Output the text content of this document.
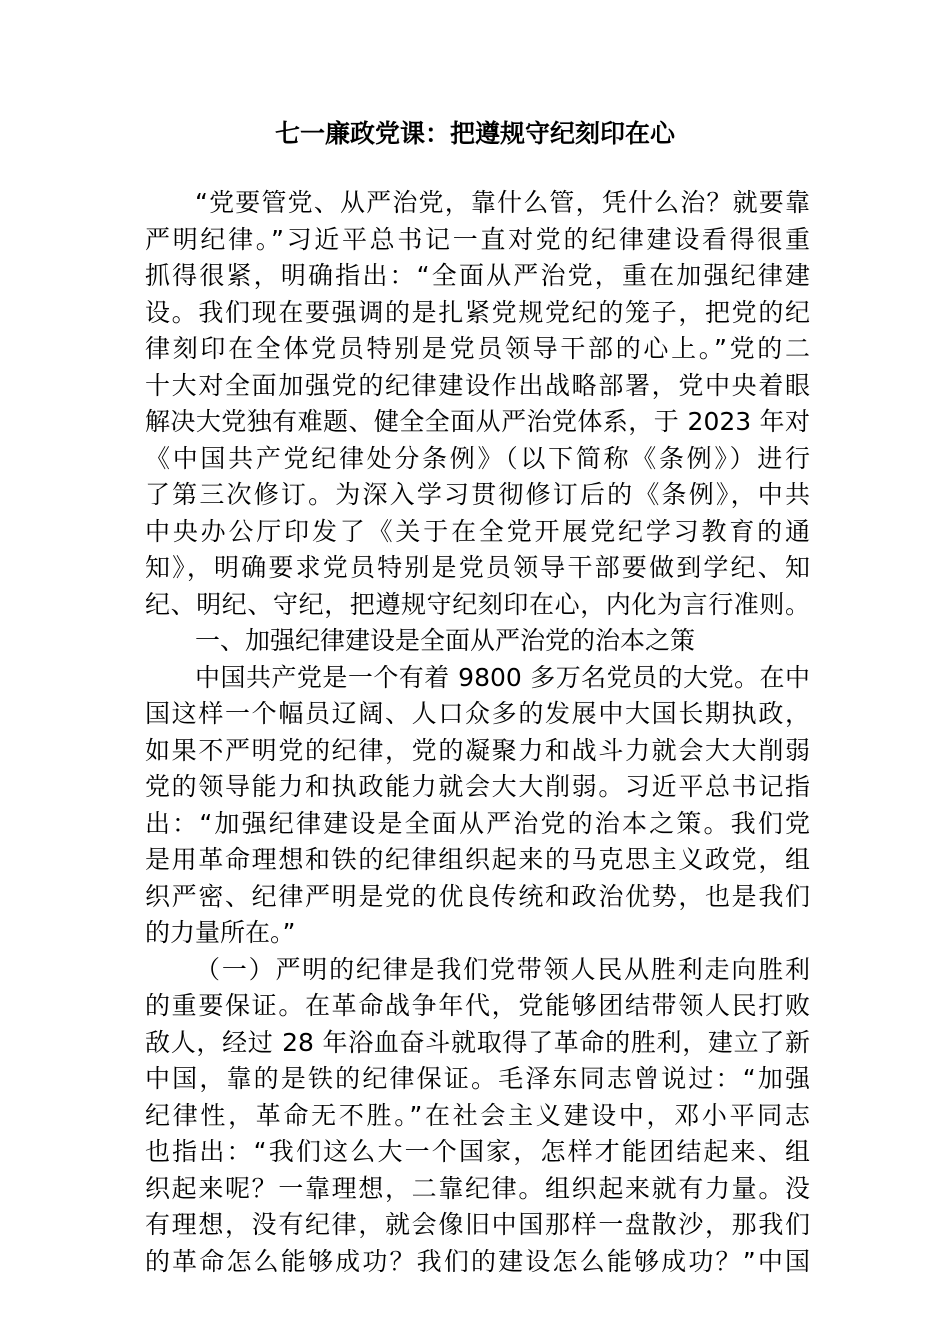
七一廉政党课：把遵规守纪刻印在心
“党要管党、从严治党，靠什么管，凭什么治？就要靠
严明纪律。”习近平总书记一直对党的纪律建设看得很重
抓得很紧，明确指出：“全面从严治党，重在加强纪律建
设。我们现在要强调的是扎紧党规党纪的笼子，把党的纪
律刻印在全体党员特别是党员领导干部的心上。”党的二
十大对全面加强党的纪律建设作出战略部署，党中央着眼
解决大党独有难题、健全全面从严治党体系，于 2023 年对
《中国共产党纪律处分条例》（以下简称《条例》）进行
了第三次修订。为深入学习贯彻修订后的《条例》，中共
中央办公厅印发了《关于在全党开展党纪学习教育的通
知》，明确要求党员特别是党员领导干部要做到学纪、知
纪、明纪、守纪，把遵规守纪刻印在心，内化为言行准则。
一、加强纪律建设是全面从严治党的治本之策
中国共产党是一个有着 9800 多万名党员的大党。在中
国这样一个幅员辽阔、人口众多的发展中大国长期执政，
如果不严明党的纪律，党的凝聚力和战斗力就会大大削弱
党的领导能力和执政能力就会大大削弱。习近平总书记指
出：“加强纪律建设是全面从严治党的治本之策。我们党
是用革命理想和铁的纪律组织起来的马克思主义政党，组
织严密、纪律严明是党的优良传统和政治优势，也是我们
的力量所在。”
（一）严明的纪律是我们党带领人民从胜利走向胜利
的重要保证。在革命战争年代，党能够团结带领人民打败
敌人，经过 28 年浴血奋斗就取得了革命的胜利，建立了新
中国，靠的是铁的纪律保证。毛泽东同志曾说过：“加强
纪律性，革命无不胜。”在社会主义建设中，邓小平同志
也指出：“我们这么大一个国家，怎样才能团结起来、组
织起来呢？一靠理想，二靠纪律。组织起来就有力量。没
有理想，没有纪律，就会像旧中国那样一盘散沙，那我们
的革命怎么能够成功？我们的建设怎么能够成功？”中国
